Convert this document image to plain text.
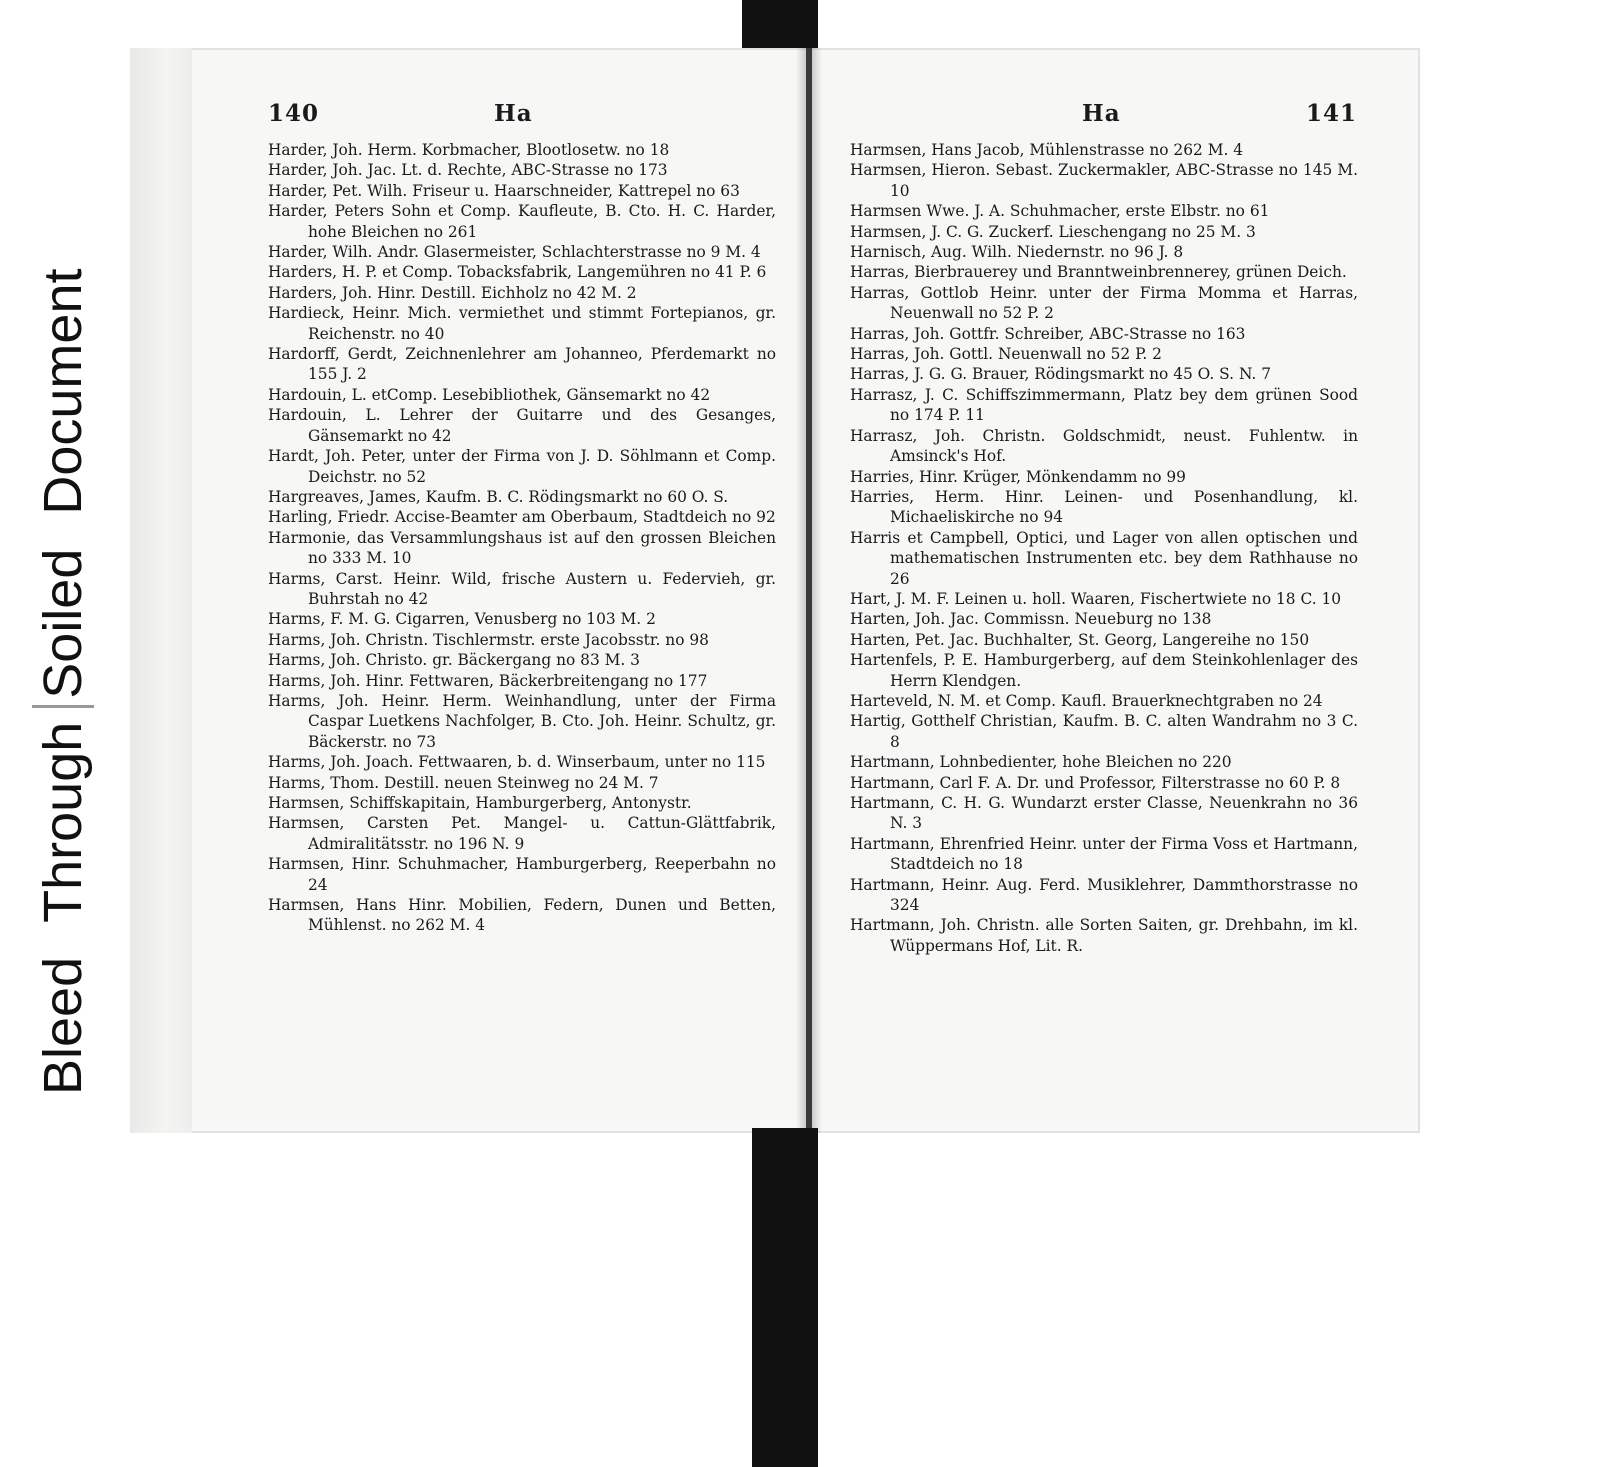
Bleed
Through
Soiled
Document
140	Ha	Ha	141
Harder, Joh. Herm. Korbmacher, Blootlosetw. no 18
Harder, Joh. Jac. Lt. d. Rechte, ABC-Strasse no 173
Harder, Pet. Wilh. Friseur u. Haarschneider, Kattrepel no 63
Harder, Peters Sohn et Comp. Kaufleute, B. Cto. H. C. Harder, hohe Bleichen no 261
Harder, Wilh. Andr. Glasermeister, Schlachterstrasse no 9 M. 4
Harders, H. P. et Comp. Tobacksfabrik, Langemühren no 41 P. 6
Harders, Joh. Hinr. Destill. Eichholz no 42 M. 2
Hardieck, Heinr. Mich. vermiethet und stimmt Fortepianos, gr. Reichenstr. no 40
Hardorff, Gerdt, Zeichnenlehrer am Johanneo, Pferdemarkt no 155 J. 2
Hardouin, L. etComp. Lesebibliothek, Gänsemarkt no 42
Hardouin, L. Lehrer der Guitarre und des Gesanges, Gänsemarkt no 42
Hardt, Joh. Peter, unter der Firma von J. D. Söhlmann et Comp. Deichstr. no 52
Hargreaves, James, Kaufm. B. C. Rödingsmarkt no 60 O. S.
Harling, Friedr. Accise-Beamter am Oberbaum, Stadtdeich no 92
Harmonie, das Versammlungshaus ist auf den grossen Bleichen no 333 M. 10
Harms, Carst. Heinr. Wild, frische Austern u. Federvieh, gr. Buhrstah no 42
Harms, F. M. G. Cigarren, Venusberg no 103 M. 2
Harms, Joh. Christn. Tischlermstr. erste Jacobsstr. no 98
Harms, Joh. Christo. gr. Bäckergang no 83 M. 3
Harms, Joh. Hinr. Fettwaren, Bäckerbreitengang no 177
Harms, Joh. Heinr. Herm. Weinhandlung, unter der Firma Caspar Luetkens Nachfolger, B. Cto. Joh. Heinr. Schultz, gr. Bäckerstr. no 73
Harms, Joh. Joach. Fettwaaren, b. d. Winserbaum, unter no 115
Harms, Thom. Destill. neuen Steinweg no 24 M. 7
Harmsen, Schiffskapitain, Hamburgerberg, Antonystr.
Harmsen, Carsten Pet. Mangel- u. Cattun-Glättfabrik, Admiralitätsstr. no 196 N. 9
Harmsen, Hinr. Schuhmacher, Hamburgerberg, Reeperbahn no 24
Harmsen, Hans Hinr. Mobilien, Federn, Dunen und Betten, Mühlenst. no 262 M. 4
Harmsen, Hans Jacob, Mühlenstrasse no 262 M. 4
Harmsen, Hieron. Sebast. Zuckermakler, ABC-Strasse no 145 M. 10
Harmsen Wwe. J. A. Schuhmacher, erste Elbstr. no 61
Harmsen, J. C. G. Zuckerf. Lieschengang no 25 M. 3
Harnisch, Aug. Wilh. Niedernstr. no 96 J. 8
Harras, Bierbrauerey und Branntweinbrennerey, grünen Deich.
Harras, Gottlob Heinr. unter der Firma Momma et Harras, Neuenwall no 52 P. 2
Harras, Joh. Gottfr. Schreiber, ABC-Strasse no 163
Harras, Joh. Gottl. Neuenwall no 52 P. 2
Harras, J. G. G. Brauer, Rödingsmarkt no 45 O. S. N. 7
Harrasz, J. C. Schiffszimmermann, Platz bey dem grünen Sood no 174 P. 11
Harrasz, Joh. Christn. Goldschmidt, neust. Fuhlentw. in Amsinck's Hof.
Harries, Hinr. Krüger, Mönkendamm no 99
Harries, Herm. Hinr. Leinen- und Posenhandlung, kl. Michaeliskirche no 94
Harris et Campbell, Optici, und Lager von allen optischen und mathematischen Instrumenten etc. bey dem Rathhause no 26
Hart, J. M. F. Leinen u. holl. Waaren, Fischertwiete no 18 C. 10
Harten, Joh. Jac. Commissn. Neueburg no 138
Harten, Pet. Jac. Buchhalter, St. Georg, Langereihe no 150
Hartenfels, P. E. Hamburgerberg, auf dem Steinkohlenlager des Herrn Klendgen.
Harteveld, N. M. et Comp. Kaufl. Brauerknechtgraben no 24
Hartig, Gotthelf Christian, Kaufm. B. C. alten Wandrahm no 3 C. 8
Hartmann, Lohnbedienter, hohe Bleichen no 220
Hartmann, Carl F. A. Dr. und Professor, Filterstrasse no 60 P. 8
Hartmann, C. H. G. Wundarzt erster Classe, Neuenkrahn no 36 N. 3
Hartmann, Ehrenfried Heinr. unter der Firma Voss et Hartmann, Stadtdeich no 18
Hartmann, Heinr. Aug. Ferd. Musiklehrer, Dammthorstrasse no 324
Hartmann, Joh. Christn. alle Sorten Saiten, gr. Drehbahn, im kl. Wüppermans Hof, Lit. R.
